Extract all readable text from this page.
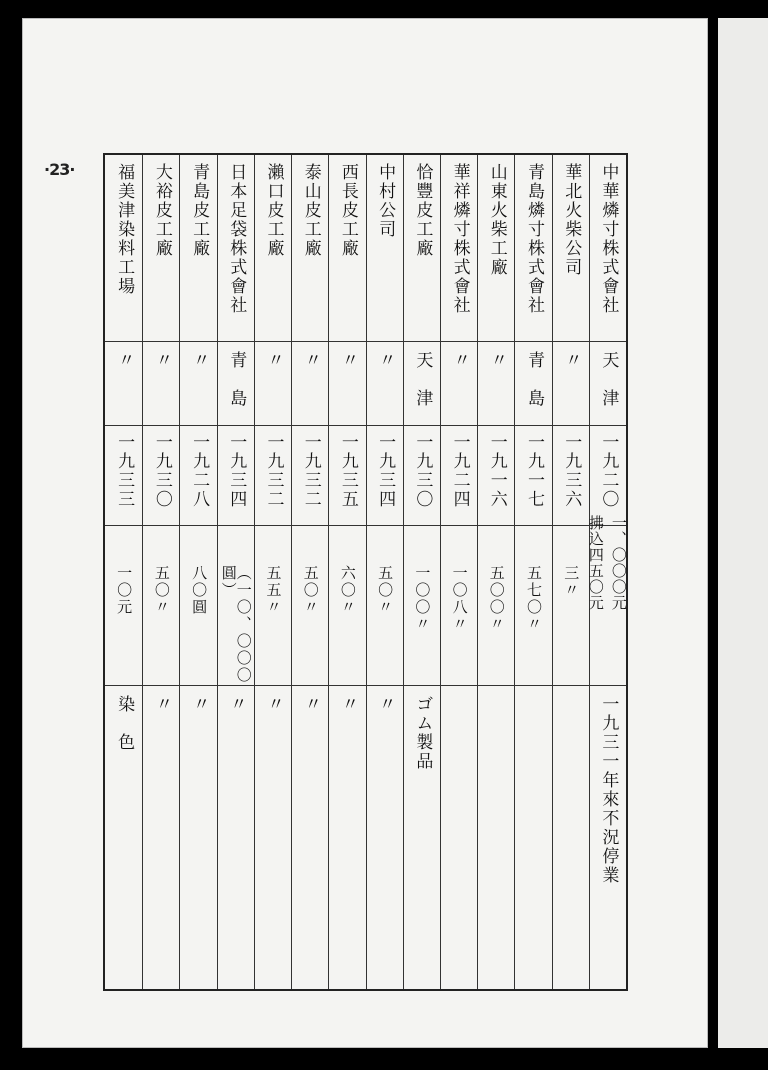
·23·	中華燐寸株式會社
天　津
一九二〇
一、〇〇〇元
拂込四五〇元
一九三一年來不況停業
華北火柴公司
〃
一九三六
三〃
青島燐寸株式會社
青　島
一九一七
五七〇〃
山東火柴工廠
〃
一九一六
五〇〇〃
華祥燐寸株式會社
〃
一九二四
一〇八〃
恰豐皮工廠
天　津
一九三〇
一〇〇〃
ゴム製品
中村公司
〃
一九三四
五〇〃
〃
西長皮工廠
〃
一九三五
六〇〃
〃
泰山皮工廠
〃
一九三二
五〇〃
〃
瀨口皮工廠
〃
一九三二
五五〃
〃
日本足袋株式會社
青　島
一九三四
（一〇、〇〇〇圓）
〃
青島皮工廠
〃
一九二八
八〇圓
〃
大裕皮工廠
〃
一九三〇
五〇〃
〃
福美津染料工場
〃
一九三三
一〇元
染　色
